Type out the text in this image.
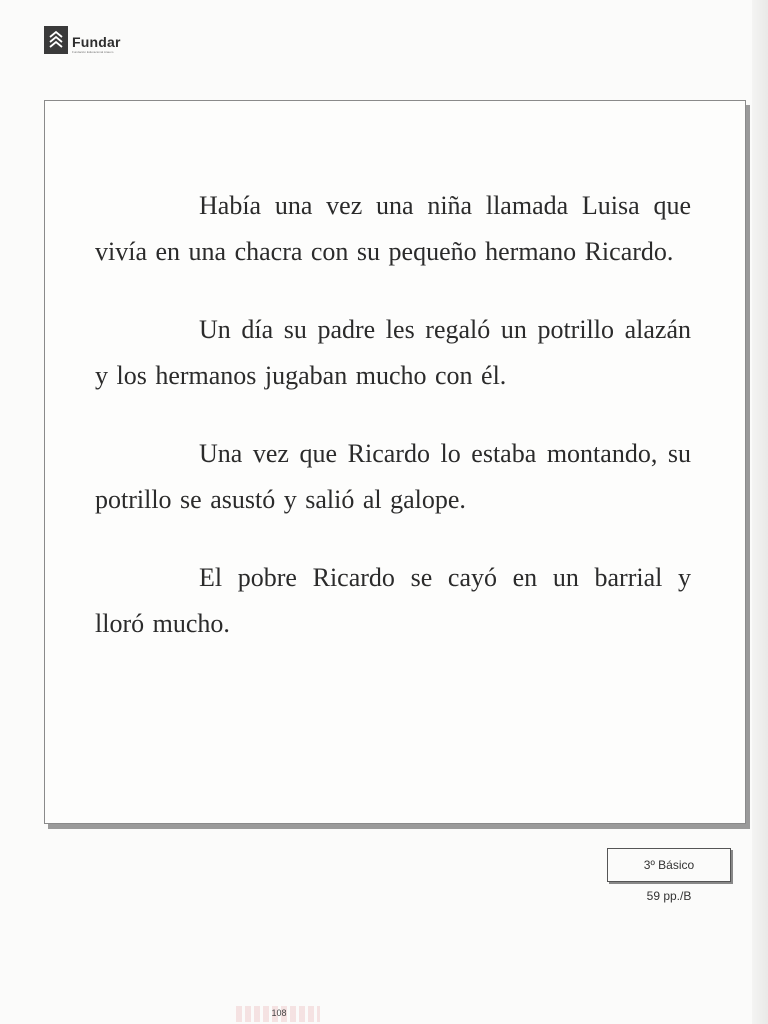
Fundar
Fundación Educacional Arauco

Había una vez una niña llamada Luisa que vivía en una chacra con su pequeño hermano Ricardo.

Un día su padre les regaló un potrillo alazán y los hermanos jugaban mucho con él.

Una vez que Ricardo lo estaba montando, su potrillo se asustó y salió al galope.

El pobre Ricardo se cayó en un barrial y lloró mucho.

3º Básico
59 pp./B
108
